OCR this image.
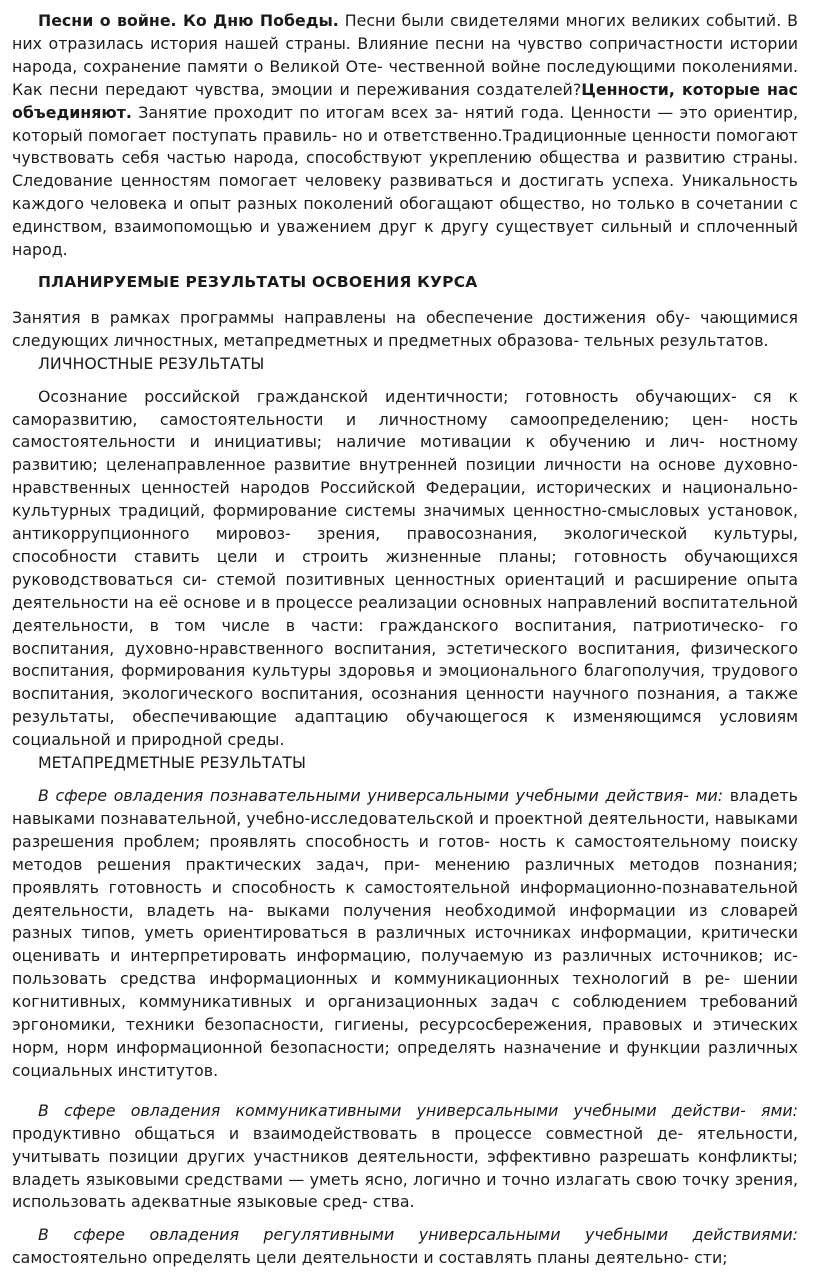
Песни о войне. Ко Дню Победы. Песни были свидетелями многих великих событий. В них отразилась история нашей страны. Влияние песни на чувство сопричастности истории народа, сохранение памяти о Великой Оте- чественной войне последующими поколениями. Как песни передают чувства, эмоции и переживания создателей?Ценности, которые нас объединяют. Занятие проходит по итогам всех за- нятий года. Ценности — это ориентир, который помогает поступать правиль- но и ответственно.Традиционные ценности помогают чувствовать себя частью народа, способствуют укреплению общества и развитию страны. Следование ценностям помогает человеку развиваться и достигать успеха. Уникальность каждого человека и опыт разных поколений обогащают общество, но только в сочетании с единством, взаимопомощью и уважением друг к другу существует сильный и сплоченный народ.

ПЛАНИРУЕМЫЕ РЕЗУЛЬТАТЫ ОСВОЕНИЯ КУРСА

Занятия в рамках программы направлены на обеспечение достижения обу- чающимися следующих личностных, метапредметных и предметных образова- тельных результатов.

ЛИЧНОСТНЫЕ РЕЗУЛЬТАТЫ

Осознание российской гражданской идентичности; готовность обучающих- ся к саморазвитию, самостоятельности и личностному самоопределению; цен- ность самостоятельности и инициативы; наличие мотивации к обучению и лич- ностному развитию; целенаправленное развитие внутренней позиции личности на основе духовно-нравственных ценностей народов Российской Федерации, исторических и национально-культурных традиций, формирование системы значимых ценностно-смысловых установок, антикоррупционного мировоз- зрения, правосознания, экологической культуры, способности ставить цели и строить жизненные планы; готовность обучающихся руководствоваться си- стемой позитивных ценностных ориентаций и расширение опыта деятельности на её основе и в процессе реализации основных направлений воспитательной деятельности, в том числе в части: гражданского воспитания, патриотическо- го воспитания, духовно-нравственного воспитания, эстетического воспитания, физического воспитания, формирования культуры здоровья и эмоционального благополучия, трудового воспитания, экологического воспитания, осознания ценности научного познания, а также результаты, обеспечивающие адаптацию обучающегося к изменяющимся условиям социальной и природной среды.

МЕТАПРЕДМЕТНЫЕ РЕЗУЛЬТАТЫ

В сфере овладения познавательными универсальными учебными действия- ми: владеть навыками познавательной, учебно-исследовательской и проектной деятельности, навыками разрешения проблем; проявлять способность и готов- ность к самостоятельному поиску методов решения практических задач, при- менению различных методов познания; проявлять готовность и способность к самостоятельной информационно-познавательной деятельности, владеть на- выками получения необходимой информации из словарей разных типов, уметь ориентироваться в различных источниках информации, критически оценивать и интерпретировать информацию, получаемую из различных источников; ис- пользовать средства информационных и коммуникационных технологий в ре- шении когнитивных, коммуникативных и организационных задач с соблюдением требований эргономики, техники безопасности, гигиены, ресурсосбережения, правовых и этических норм, норм информационной безопасности; определять назначение и функции различных социальных институтов.

В сфере овладения коммуникативными универсальными учебными действи- ями: продуктивно общаться и взаимодействовать в процессе совместной де- ятельности, учитывать позиции других участников деятельности, эффективно разрешать конфликты; владеть языковыми средствами — уметь ясно, логично и точно излагать свою точку зрения, использовать адекватные языковые сред- ства.

В сфере овладения регулятивными универсальными учебными действиями: самостоятельно определять цели деятельности и составлять планы деятельно- сти;
